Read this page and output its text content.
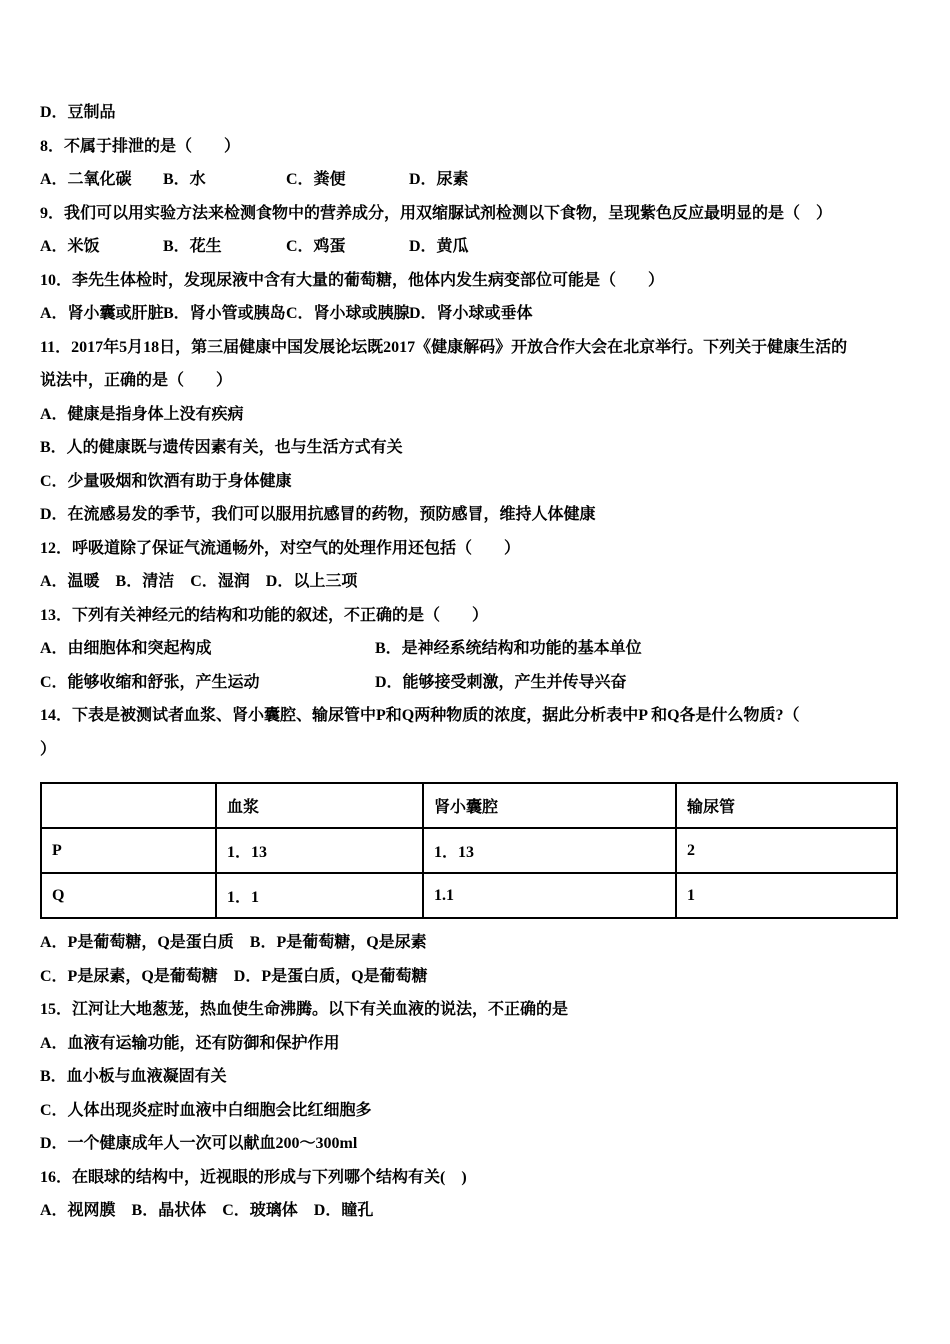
D．豆制品
8．不属于排泄的是（　　）
A．二氧化碳 B．水	C．粪便	D．尿素
9．我们可以用实验方法来检测食物中的营养成分，用双缩脲试剂检测以下食物，呈现紫色反应最明显的是（　）
A．米饭	B．花生	C．鸡蛋	D．黄瓜
10．李先生体检时，发现尿液中含有大量的葡萄糖，他体内发生病变部位可能是（　　）
A．肾小囊或肝脏B．肾小管或胰岛C．肾小球或胰腺D．肾小球或垂体
11．2017年5月18日，第三届健康中国发展论坛既2017《健康解码》开放合作大会在北京举行。下列关于健康生活的
说法中，正确的是（　　）
A．健康是指身体上没有疾病
B．人的健康既与遗传因素有关，也与生活方式有关
C．少量吸烟和饮酒有助于身体健康
D．在流感易发的季节，我们可以服用抗感冒的药物，预防感冒，维持人体健康
12．呼吸道除了保证气流通畅外，对空气的处理作用还包括（　　）
A．温暖　B．清洁　C．湿润　D．以上三项
13．下列有关神经元的结构和功能的叙述，不正确的是（　　）
A．由细胞体和突起构成	B．是神经系统结构和功能的基本单位
C．能够收缩和舒张，产生运动	D．能够接受刺激，产生并传导兴奋
14．下表是被测试者血浆、肾小囊腔、输尿管中P和Q两种物质的浓度，据此分析表中P 和Q各是什么物质?（
）
	血浆	肾小囊腔	输尿管
P	1．13	1．13	2
Q	1．1	1.1	1
A．P是葡萄糖，Q是蛋白质　B．P是葡萄糖，Q是尿素
C．P是尿素，Q是葡萄糖　D．P是蛋白质，Q是葡萄糖
15．江河让大地葱茏，热血使生命沸腾。以下有关血液的说法，不正确的是
A．血液有运输功能，还有防御和保护作用
B．血小板与血液凝固有关
C．人体出现炎症时血液中白细胞会比红细胞多
D．一个健康成年人一次可以献血200～300ml
16．在眼球的结构中，近视眼的形成与下列哪个结构有关(　)
A．视网膜　B．晶状体　C．玻璃体　D．瞳孔
